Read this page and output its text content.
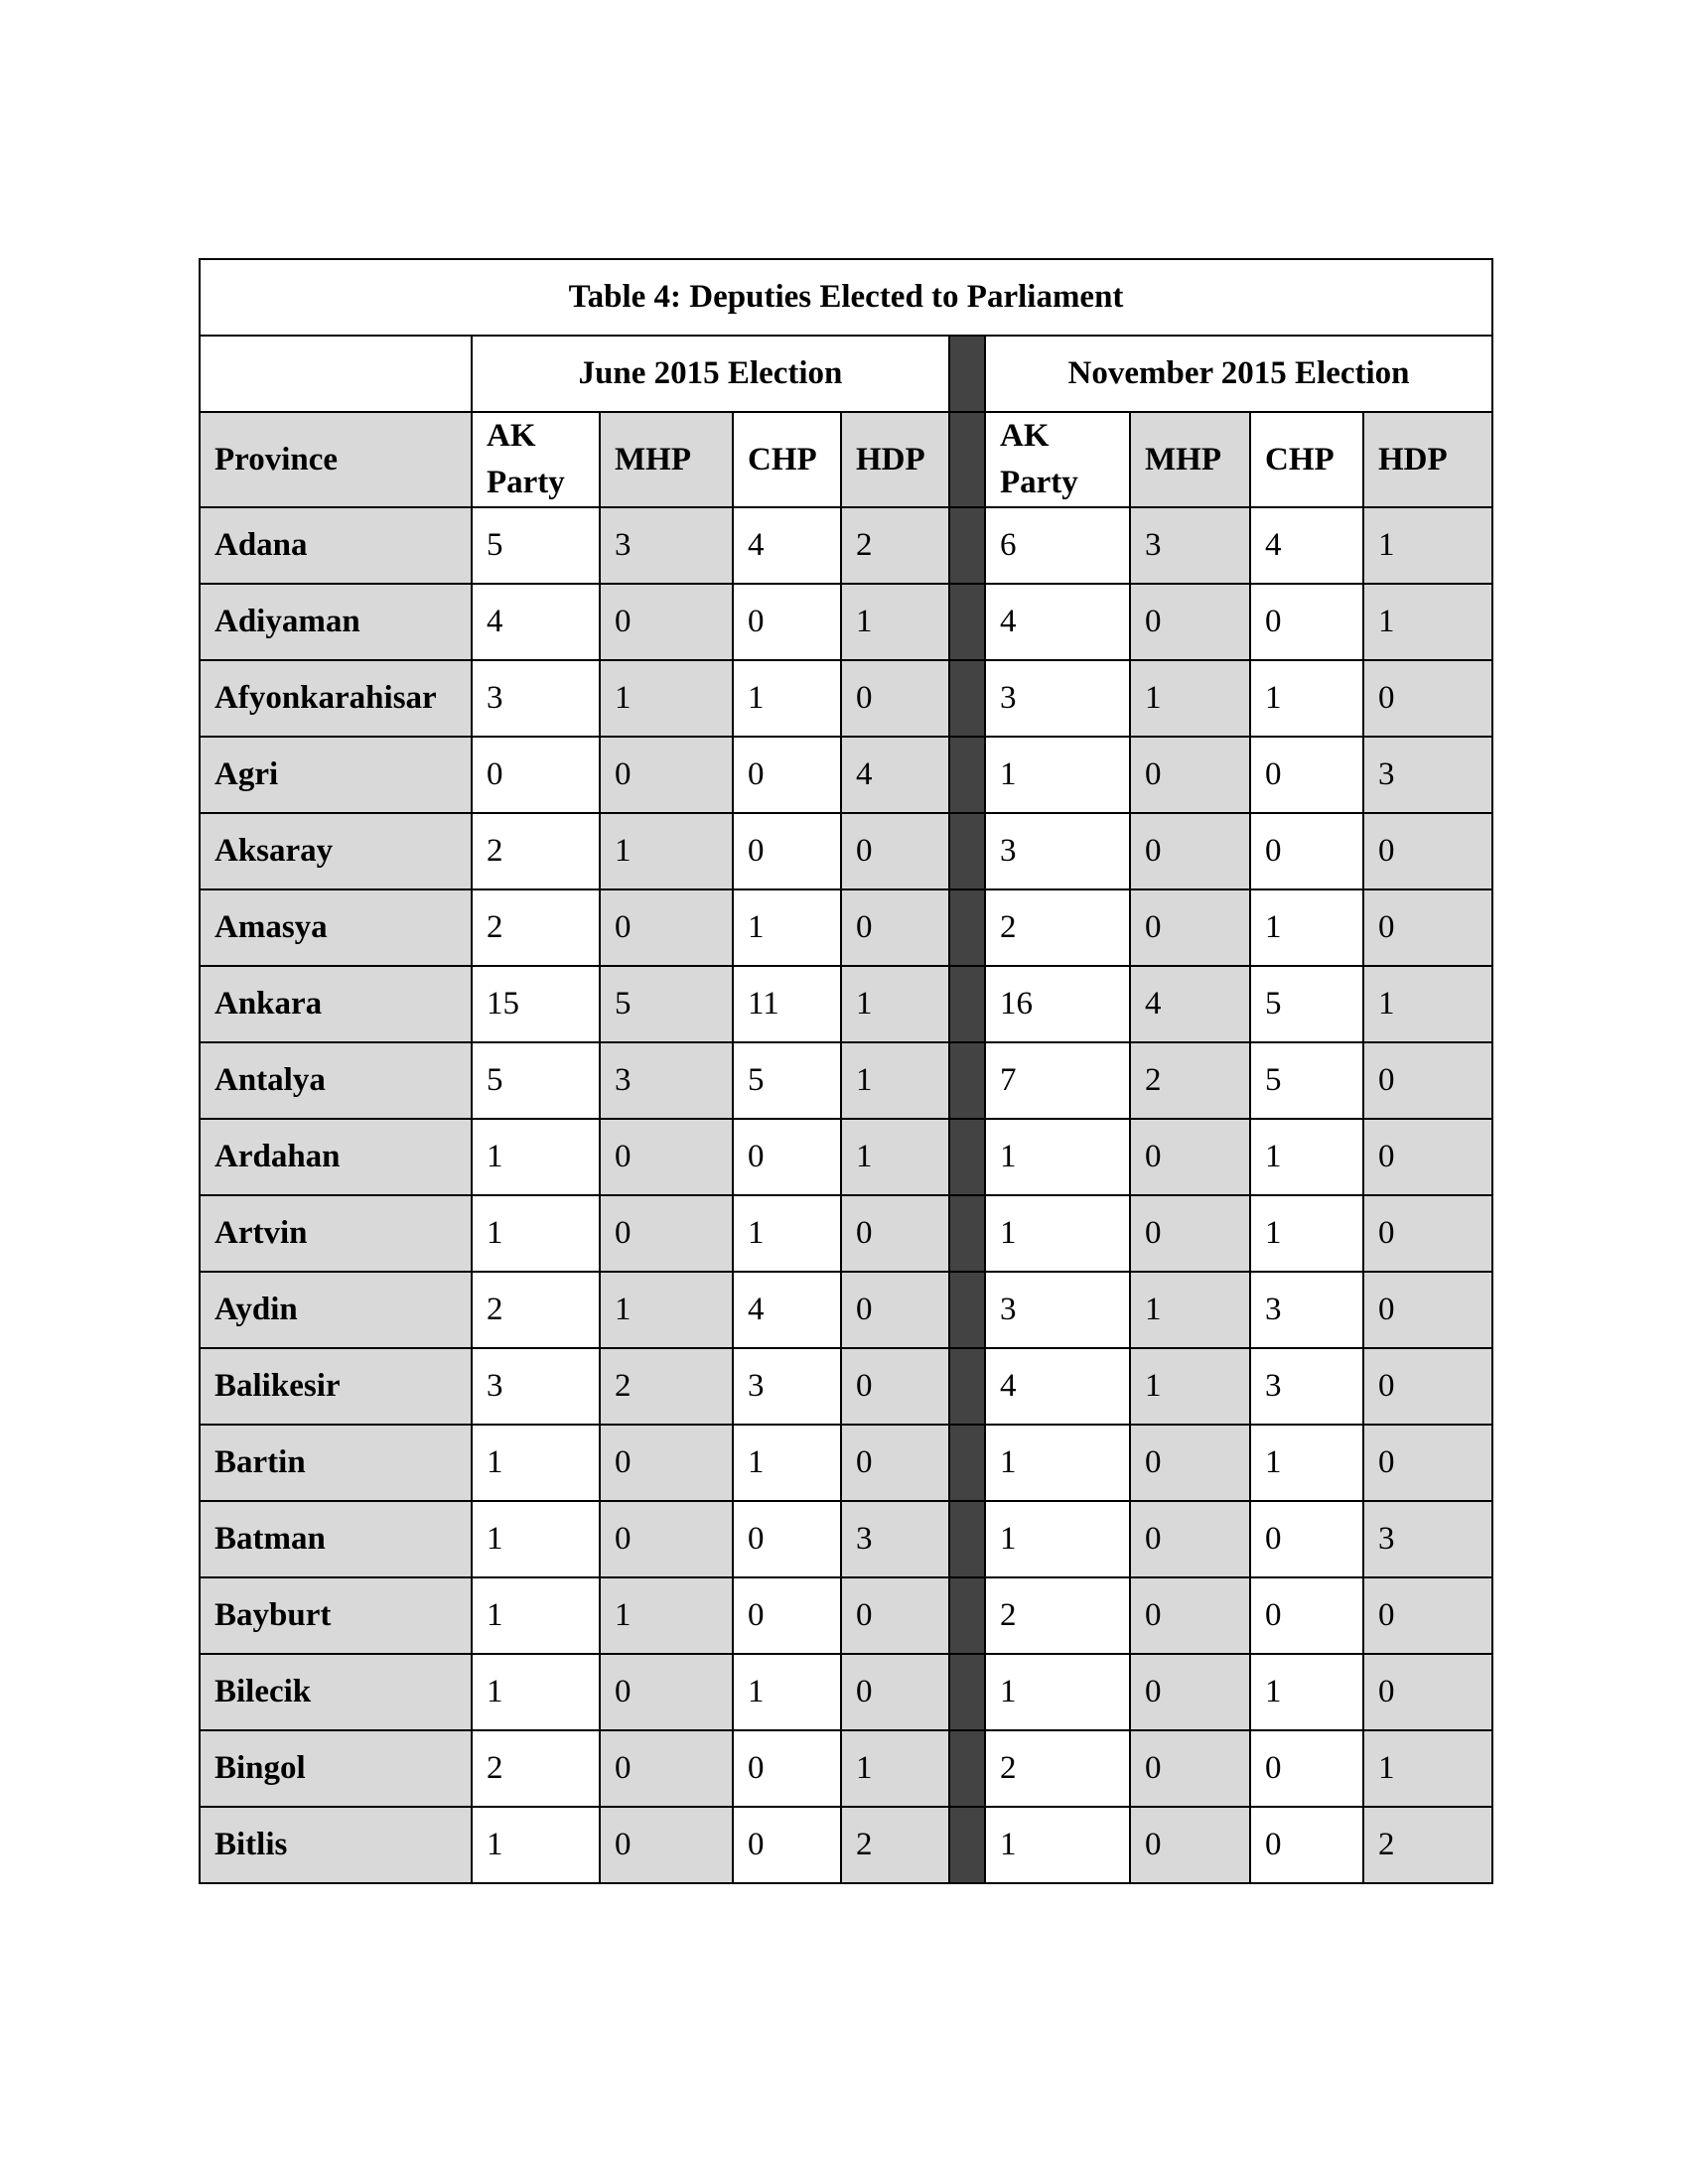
Table 4: Deputies Elected to Parliament									
	June 2015 Election					November 2015 Election			
Province	AK Party	MHP	CHP	HDP		AK Party	MHP	CHP	HDP
Adana	5	3	4	2		6	3	4	1
Adiyaman	4	0	0	1		4	0	0	1
Afyonkarahisar	3	1	1	0		3	1	1	0
Agri	0	0	0	4		1	0	0	3
Aksaray	2	1	0	0		3	0	0	0
Amasya	2	0	1	0		2	0	1	0
Ankara	15	5	11	1		16	4	5	1
Antalya	5	3	5	1		7	2	5	0
Ardahan	1	0	0	1		1	0	1	0
Artvin	1	0	1	0		1	0	1	0
Aydin	2	1	4	0		3	1	3	0
Balikesir	3	2	3	0		4	1	3	0
Bartin	1	0	1	0		1	0	1	0
Batman	1	0	0	3		1	0	0	3
Bayburt	1	1	0	0		2	0	0	0
Bilecik	1	0	1	0		1	0	1	0
Bingol	2	0	0	1		2	0	0	1
Bitlis	1	0	0	2		1	0	0	2
